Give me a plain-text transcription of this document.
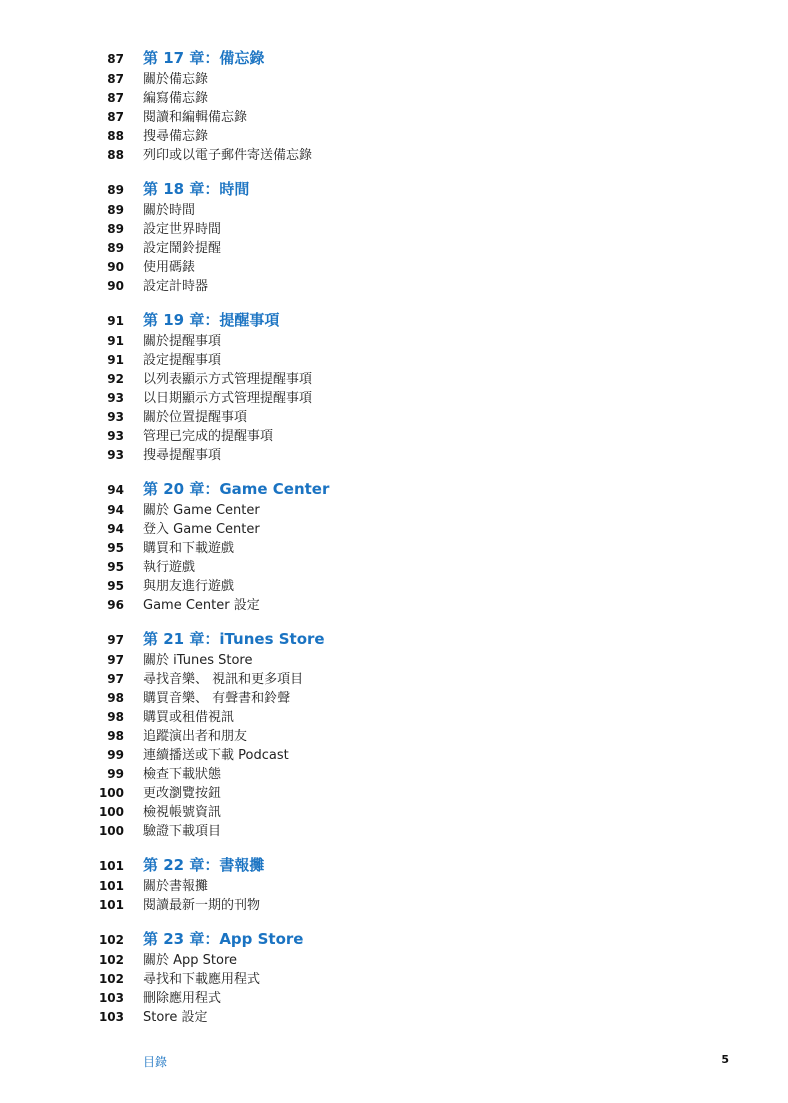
87 第 17 章：備忘錄
87 關於備忘錄
87 編寫備忘錄
87 閱讀和編輯備忘錄
88 搜尋備忘錄
88 列印或以電子郵件寄送備忘錄
89 第 18 章：時間
89 關於時間
89 設定世界時間
89 設定鬧鈴提醒
90 使用碼錶
90 設定計時器
91 第 19 章：提醒事項
91 關於提醒事項
91 設定提醒事項
92 以列表顯示方式管理提醒事項
93 以日期顯示方式管理提醒事項
93 關於位置提醒事項
93 管理已完成的提醒事項
93 搜尋提醒事項
94 第 20 章：Game Center
94 關於 Game Center
94 登入 Game Center
95 購買和下載遊戲
95 執行遊戲
95 與朋友進行遊戲
96 Game Center 設定
97 第 21 章：iTunes Store
97 關於 iTunes Store
97 尋找音樂、 視訊和更多項目
98 購買音樂、 有聲書和鈴聲
98 購買或租借視訊
98 追蹤演出者和朋友
99 連續播送或下載 Podcast
99 檢查下載狀態
100 更改瀏覽按鈕
100 檢視帳號資訊
100 驗證下載項目
101 第 22 章：書報攤
101 關於書報攤
101 閱讀最新一期的刊物
102 第 23 章：App Store
102 關於 App Store
102 尋找和下載應用程式
103 刪除應用程式
103 Store 設定
目錄	5
